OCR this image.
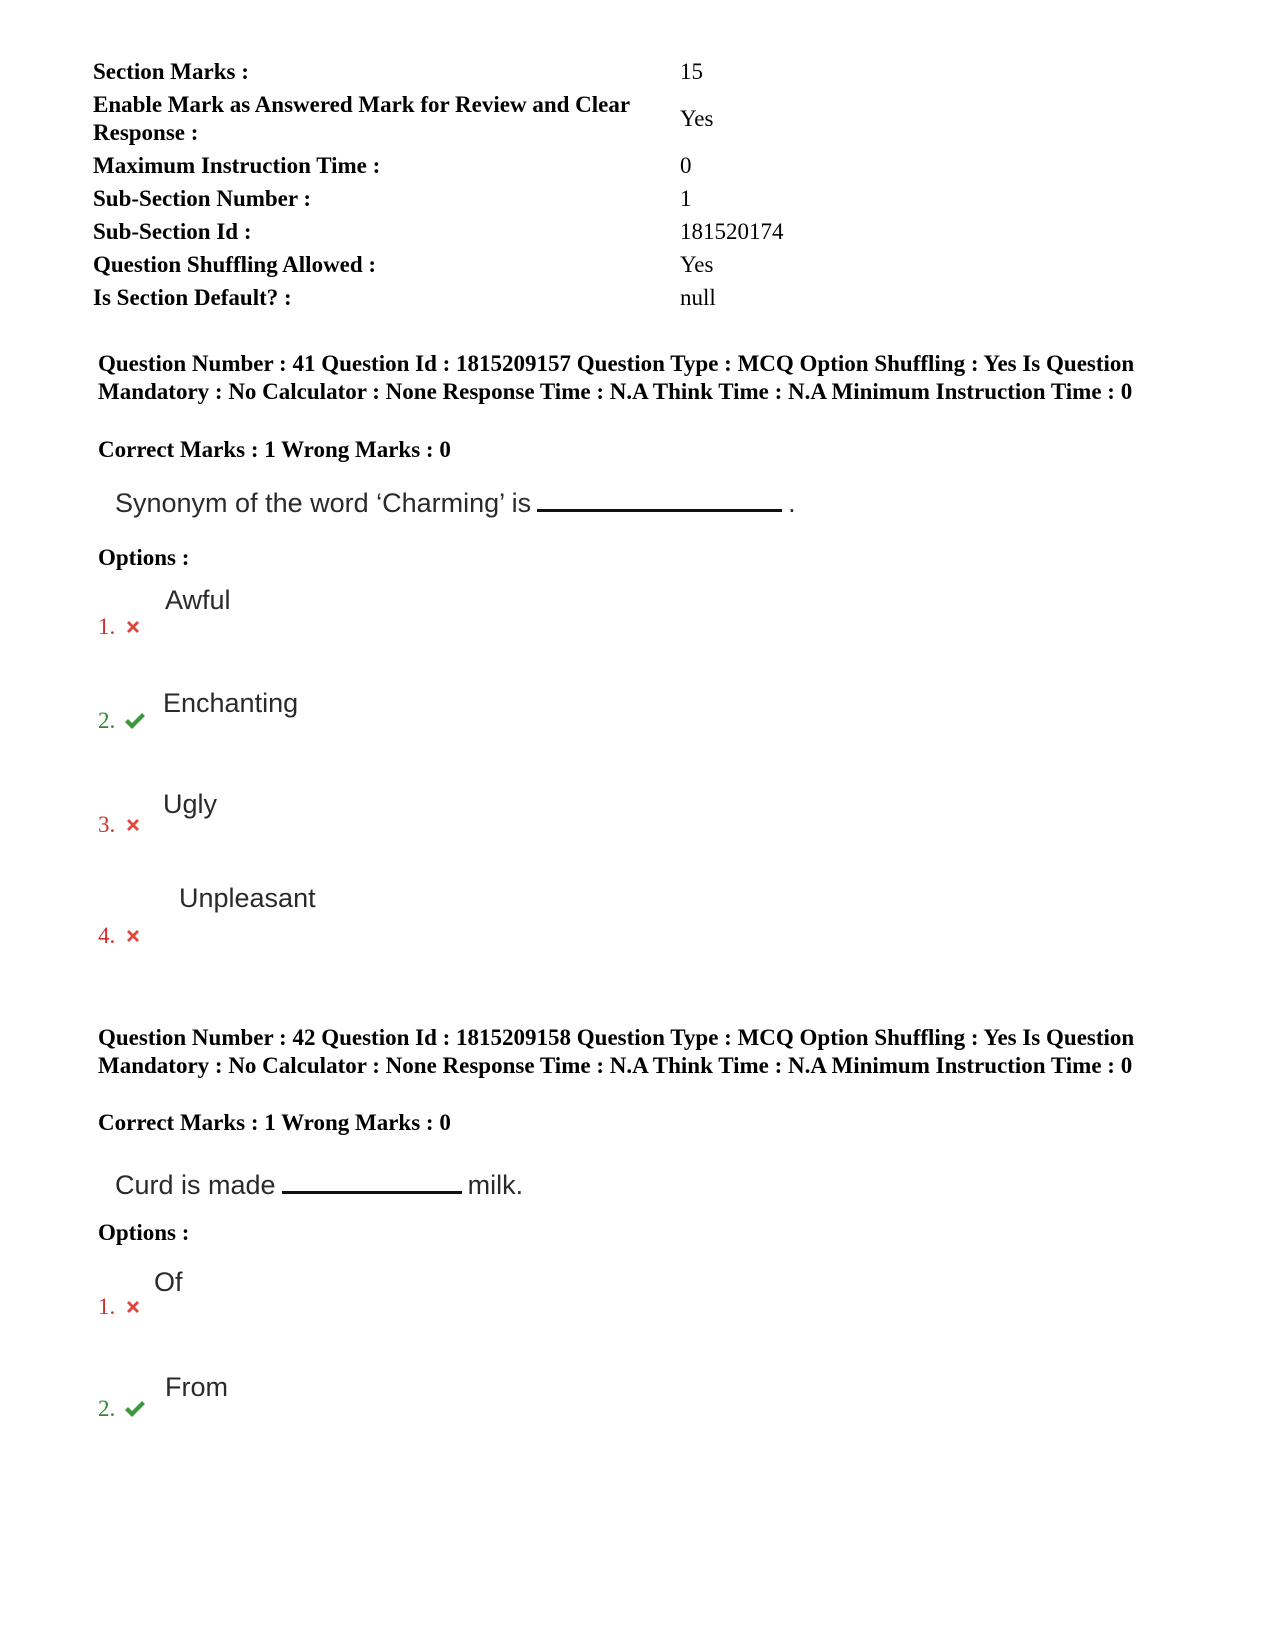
Section Marks :	15
Enable Mark as Answered Mark for Review and Clear Response :	Yes
Maximum Instruction Time :	0
Sub-Section Number :	1
Sub-Section Id :	181520174
Question Shuffling Allowed :	Yes
Is Section Default? :	null
Question Number : 41 Question Id : 1815209157 Question Type : MCQ Option Shuffling : Yes Is Question Mandatory : No Calculator : None Response Time : N.A Think Time : N.A Minimum Instruction Time : 0
Correct Marks : 1 Wrong Marks : 0
Synonym of the word ‘Charming’ is	.
Options :
Awful
1.
Enchanting
2.
Ugly
3.
Unpleasant
4.
Question Number : 42 Question Id : 1815209158 Question Type : MCQ Option Shuffling : Yes Is Question Mandatory : No Calculator : None Response Time : N.A Think Time : N.A Minimum Instruction Time : 0
Correct Marks : 1 Wrong Marks : 0
Curd is made	milk.
Options :
Of
1.
From
2.
